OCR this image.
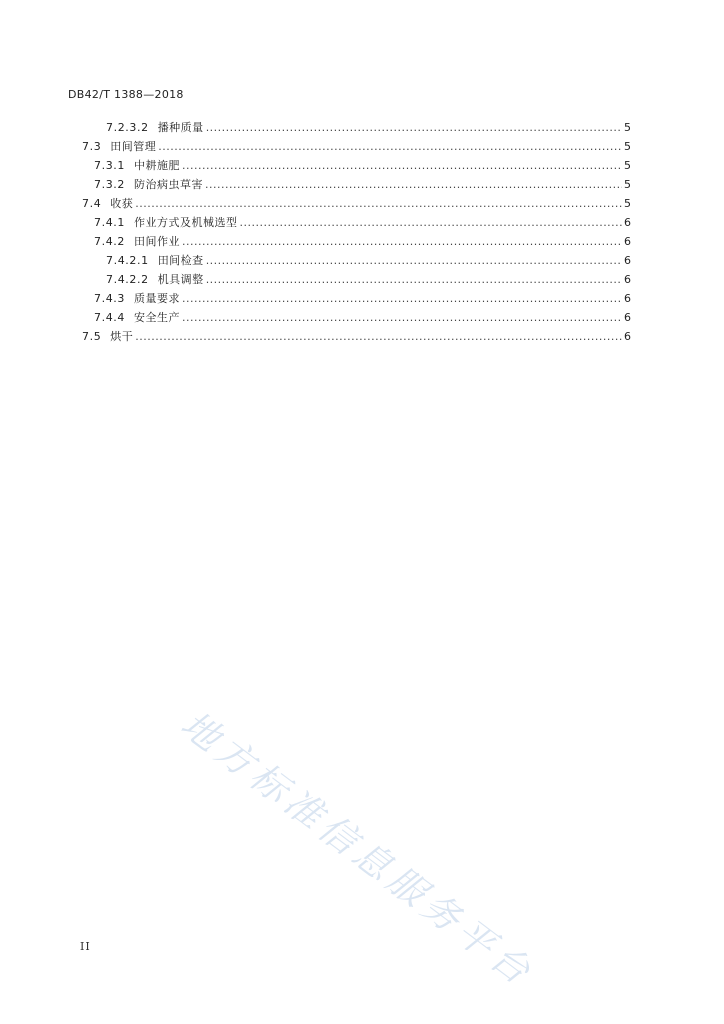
DB42/T 1388—2018
7.2.3.2 播种质量 .....	5
7.3 田间管理 .....	5
7.3.1 中耕施肥 .....	5
7.3.2 防治病虫草害 .....	5
7.4 收获 .....	5
7.4.1 作业方式及机械选型 .....	6
7.4.2 田间作业 .....	6
7.4.2.1 田间检查 .....	6
7.4.2.2 机具调整 .....	6
7.4.3 质量要求 .....	6
7.4.4 安全生产 .....	6
7.5 烘干 .....	6
地方标准信息服务平台
II
